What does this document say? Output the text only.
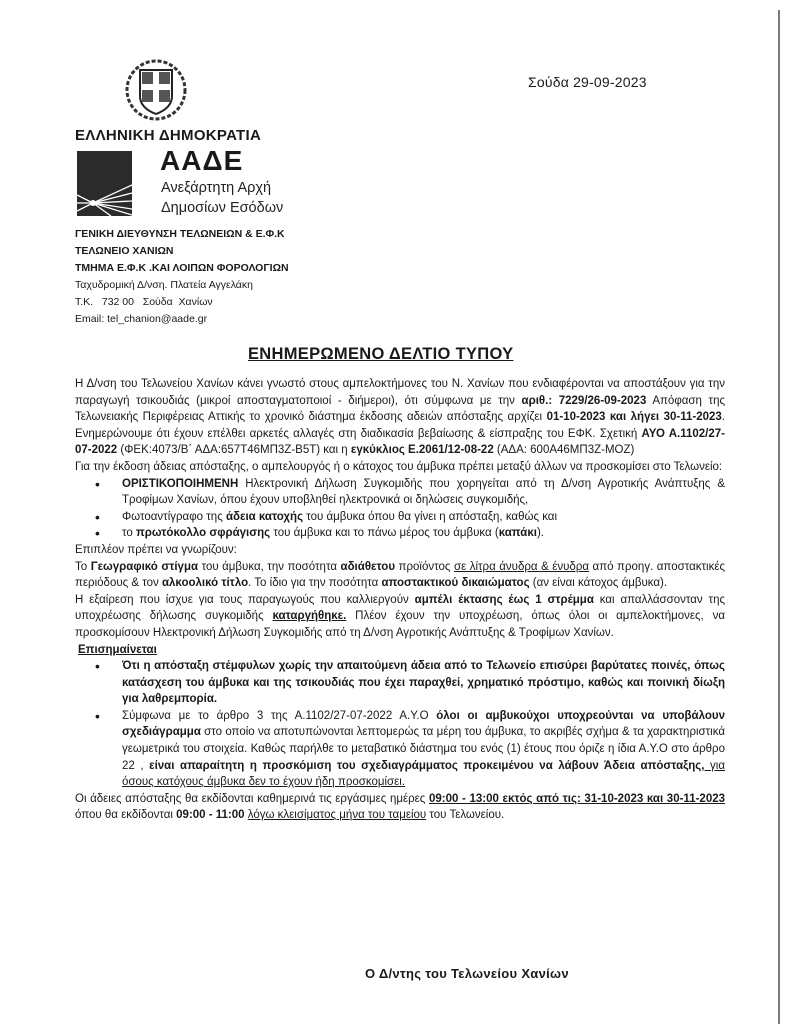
Σούδα 29-09-2023
ΕΛΛΗΝΙΚΗ ΔΗΜΟΚΡΑΤΙΑ
ΑΑΔΕ
Ανεξάρτητη Αρχή
Δημοσίων Εσόδων
ΓΕΝΙΚΗ ΔΙΕΥΘΥΝΣΗ ΤΕΛΩΝΕΙΩΝ & Ε.Φ.Κ
ΤΕΛΩΝΕΙΟ ΧΑΝΙΩΝ
ΤΜΗΜΑ Ε.Φ.Κ .ΚΑΙ ΛΟΙΠΩΝ ΦΟΡΟΛΟΓΙΩΝ
Ταχυδρομική Δ/νση. Πλατεία Αγγελάκη
Τ.Κ.   732 00   Σούδα  Χανίων
Email: tel_chanion@aade.gr
ΕΝΗΜΕΡΩΜΕΝΟ ΔΕΛΤΙΟ ΤΥΠΟΥ

Η Δ/νση του Τελωνείου Χανίων κάνει γνωστό στους αμπελοκτήμονες του Ν. Χανίων που ενδιαφέρονται να αποστάξουν για την παραγωγή τσικουδιάς (μικροί αποσταγματοποιοί - διήμεροι), ότι σύμφωνα με την αριθ.: 7229/26-09-2023 Απόφαση της Τελωνειακής Περιφέρειας Αττικής το χρονικό διάστημα έκδοσης αδειών απόσταξης αρχίζει 01-10-2023 και λήγει 30-11-2023. Ενημερώνουμε ότι έχουν επέλθει αρκετές αλλαγές στη διαδικασία βεβαίωσης & είσπραξης του ΕΦΚ. Σχετική ΑΥΟ Α.1102/27-07-2022 (ΦΕΚ:4073/Β΄ ΑΔΑ:657Τ46ΜΠ3Ζ-Β5Τ) και η εγκύκλιος Ε.2061/12-08-22 (ΑΔΑ: 600Α46ΜΠ3Ζ-ΜΟΖ)

Για την έκδοση άδειας απόσταξης, ο αμπελουργός ή ο κάτοχος του άμβυκα πρέπει μεταξύ άλλων να προσκομίσει στο Τελωνείο:

• ΟΡΙΣΤΙΚΟΠΟΙΗΜΕΝΗ Ηλεκτρονική Δήλωση Συγκομιδής που χορηγείται από τη Δ/νση Αγροτικής Ανάπτυξης & Τροφίμων Χανίων, όπου έχουν υποβληθεί ηλεκτρονικά οι δηλώσεις συγκομιδής,
• Φωτοαντίγραφο της άδεια κατοχής του άμβυκα όπου θα γίνει η απόσταξη, καθώς και
• το πρωτόκολλο σφράγισης του άμβυκα και το πάνω μέρος του άμβυκα (καπάκι).

Επιπλέον πρέπει να γνωρίζουν:

Το Γεωγραφικό στίγμα του άμβυκα, την ποσότητα αδιάθετου προϊόντος σε λίτρα άνυδρα & ένυδρα από προηγ. αποστακτικές περιόδους & τον αλκοολικό τίτλο. Το ίδιο για την ποσότητα αποστακτικού δικαιώματος (αν είναι κάτοχος άμβυκα).

Η εξαίρεση που ίσχυε για τους παραγωγούς που καλλιεργούν αμπέλι έκτασης έως 1 στρέμμα και απαλλάσσονταν της υποχρέωσης δήλωσης συγκομιδής καταργήθηκε. Πλέον έχουν την υποχρέωση, όπως όλοι οι αμπελοκτήμονες, να προσκομίσουν Ηλεκτρονική Δήλωση Συγκομιδής από τη Δ/νση Αγροτικής Ανάπτυξης & Τροφίμων Χανίων.

Επισημαίνεται

• Ότι η απόσταξη στέμφυλων χωρίς την απαιτούμενη άδεια από το Τελωνείο επισύρει βαρύτατες ποινές, όπως κατάσχεση του άμβυκα και της τσικουδιάς που έχει παραχθεί, χρηματικό πρόστιμο, καθώς και ποινική δίωξη για λαθρεμπορία.
• Σύμφωνα με το άρθρο 3 της Α.1102/27-07-2022 Α.Υ.Ο όλοι οι αμβυκούχοι υποχρεούνται να υποβάλουν σχεδιάγραμμα στο οποίο να αποτυπώνονται λεπτομερώς τα μέρη του άμβυκα, το ακριβές σχήμα & τα χαρακτηριστικά γεωμετρικά του στοιχεία. Καθώς παρήλθε το μεταβατικό διάστημα του ενός (1) έτους που όριζε η ίδια Α.Υ.Ο στο άρθρο 22 , είναι απαραίτητη η προσκόμιση του σχεδιαγράμματος προκειμένου να λάβουν Άδεια απόσταξης, για όσους κατόχους άμβυκα δεν το έχουν ήδη προσκομίσει.

Οι άδειες απόσταξης θα εκδίδονται καθημερινά τις εργάσιμες ημέρες 09:00 - 13:00 εκτός από τις: 31-10-2023 και 30-11-2023 όπου θα εκδίδονται 09:00 - 11:00 λόγω κλεισίματος μήνα του ταμείου του Τελωνείου.

Ο Δ/ντης του Τελωνείου Χανίων
